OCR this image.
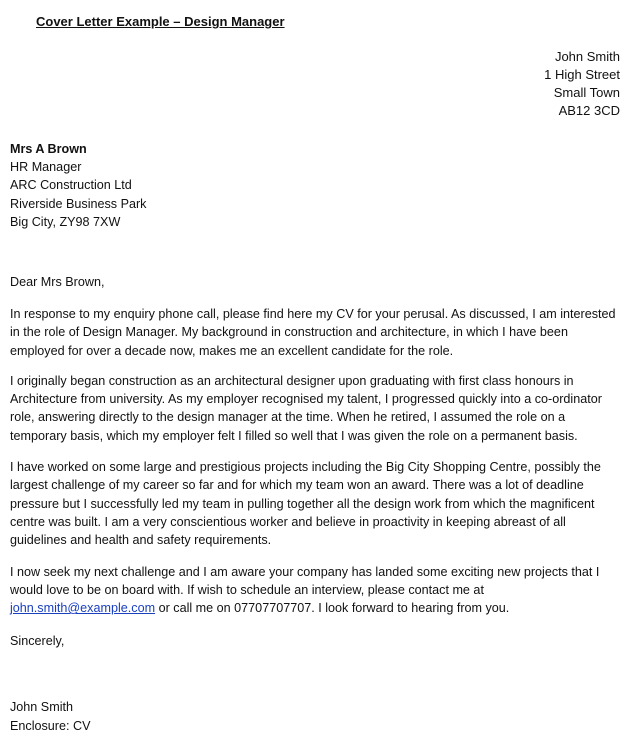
Cover Letter Example – Design Manager
John Smith
1 High Street
Small Town
AB12 3CD
Mrs A Brown
HR Manager
ARC Construction Ltd
Riverside Business Park
Big City, ZY98 7XW
Dear Mrs Brown,

In response to my enquiry phone call, please find here my CV for your perusal. As discussed, I am interested in the role of Design Manager. My background in construction and architecture, in which I have been employed for over a decade now, makes me an excellent candidate for the role.

I originally began construction as an architectural designer upon graduating with first class honours in Architecture from university. As my employer recognised my talent, I progressed quickly into a co-ordinator role, answering directly to the design manager at the time. When he retired, I assumed the role on a temporary basis, which my employer felt I filled so well that I was given the role on a permanent basis.

I have worked on some large and prestigious projects including the Big City Shopping Centre, possibly the largest challenge of my career so far and for which my team won an award. There was a lot of deadline pressure but I successfully led my team in pulling together all the design work from which the magnificent centre was built. I am a very conscientious worker and believe in proactivity in keeping abreast of all guidelines and health and safety requirements.

I now seek my next challenge and I am aware your company has landed some exciting new projects that I would love to be on board with. If wish to schedule an interview, please contact me at john.smith@example.com or call me on 07707707707. I look forward to hearing from you.

Sincerely,
John Smith
Enclosure: CV
